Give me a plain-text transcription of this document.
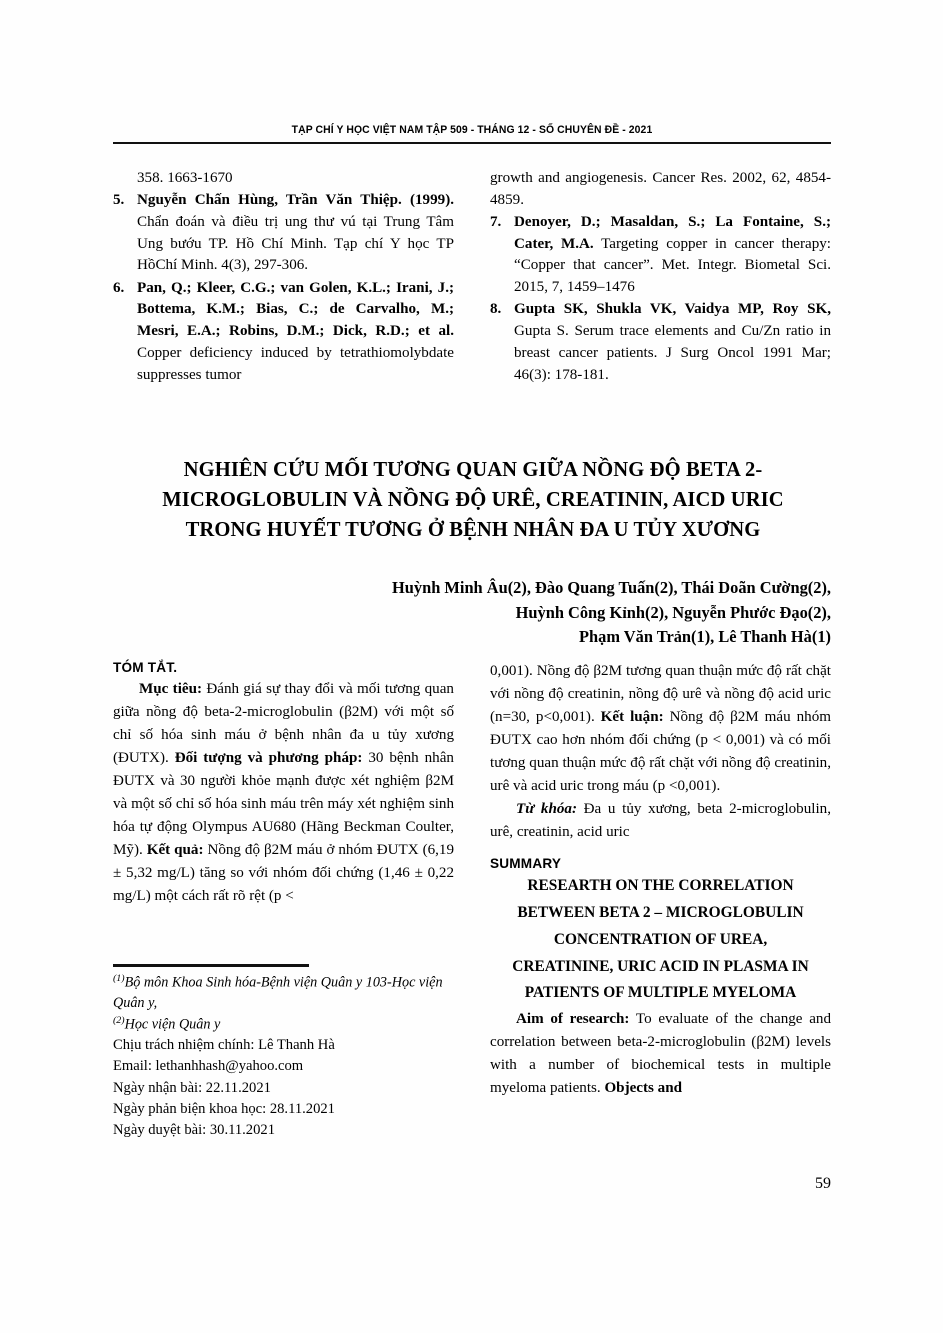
TẠP CHÍ Y HỌC VIỆT NAM TẬP 509 - THÁNG 12 - SỐ CHUYÊN ĐỀ - 2021

358. 1663-1670

5. Nguyễn Chấn Hùng, Trần Văn Thiệp. (1999). Chẩn đoán và điều trị ung thư vú tại Trung Tâm Ung bướu TP. Hồ Chí Minh. Tạp chí Y học TP HồChí Minh. 4(3), 297-306.
6. Pan, Q.; Kleer, C.G.; van Golen, K.L.; Irani, J.; Bottema, K.M.; Bias, C.; de Carvalho, M.; Mesri, E.A.; Robins, D.M.; Dick, R.D.; et al. Copper deficiency induced by tetrathiomolybdate suppresses tumor

growth and angiogenesis. Cancer Res. 2002, 62, 4854-4859.

7. Denoyer, D.; Masaldan, S.; La Fontaine, S.; Cater, M.A. Targeting copper in cancer therapy: “Copper that cancer”. Met. Integr. Biometal Sci. 2015, 7, 1459–1476
8. Gupta SK, Shukla VK, Vaidya MP, Roy SK, Gupta S. Serum trace elements and Cu/Zn ratio in breast cancer patients. J Surg Oncol 1991 Mar; 46(3): 178-181.
NGHIÊN CỨU MỐI TƯƠNG QUAN GIỮA NỒNG ĐỘ BETA 2-
MICROGLOBULIN VÀ NỒNG ĐỘ URÊ, CREATININ, AICD URIC
TRONG HUYẾT TƯƠNG Ở BỆNH NHÂN ĐA U TỦY XƯƠNG
Huỳnh Minh Âu(2), Đào Quang Tuấn(2), Thái Doãn Cường(2),
Huỳnh Công Kỉnh(2), Nguyễn Phước Đạo(2),
Phạm Văn Trản(1), Lê Thanh Hà(1)
TÓM TẮT.

Mục tiêu: Đánh giá sự thay đổi và mối tương quan giữa nồng độ beta-2-microglobulin (β2M) với một số chỉ số hóa sinh máu ở bệnh nhân đa u tủy xương (ĐUTX). Đối tượng và phương pháp: 30 bệnh nhân ĐUTX và 30 người khỏe mạnh được xét nghiệm β2M và một số chỉ số hóa sinh máu trên máy xét nghiệm sinh hóa tự động Olympus AU680 (Hãng Beckman Coulter, Mỹ). Kết quả: Nồng độ β2M máu ở nhóm ĐUTX (6,19 ± 5,32 mg/L) tăng so với nhóm đối chứng (1,46 ± 0,22 mg/L) một cách rất rõ rệt (p <

0,001). Nồng độ β2M tương quan thuận mức độ rất chặt với nồng độ creatinin, nồng độ urê và nồng độ acid uric (n=30, p<0,001). Kết luận: Nồng độ β2M máu nhóm ĐUTX cao hơn nhóm đối chứng (p < 0,001) và có mối tương quan thuận mức độ rất chặt với nồng độ creatinin, urê và acid uric trong máu (p <0,001).

Từ khóa: Đa u tủy xương, beta 2-microglobulin, urê, creatinin, acid uric

SUMMARY
RESEARTH ON THE CORRELATION
BETWEEN BETA 2 – MICROGLOBULIN
CONCENTRATION OF UREA,
CREATININE, URIC ACID IN PLASMA IN
PATIENTS OF MULTIPLE MYELOMA

Aim of research: To evaluate of the change and correlation between beta-2-microglobulin (β2M) levels with a number of biochemical tests in multiple myeloma patients. Objects and

$^{(1)}$Bộ môn Khoa Sinh hóa-Bệnh viện Quân y 103-Học viện Quân y,

$^{(2)}$Học viện Quân y

Chịu trách nhiệm chính: Lê Thanh Hà

Email: lethanhhash@yahoo.com

Ngày nhận bài: 22.11.2021

Ngày phản biện khoa học: 28.11.2021

Ngày duyệt bài: 30.11.2021

59
